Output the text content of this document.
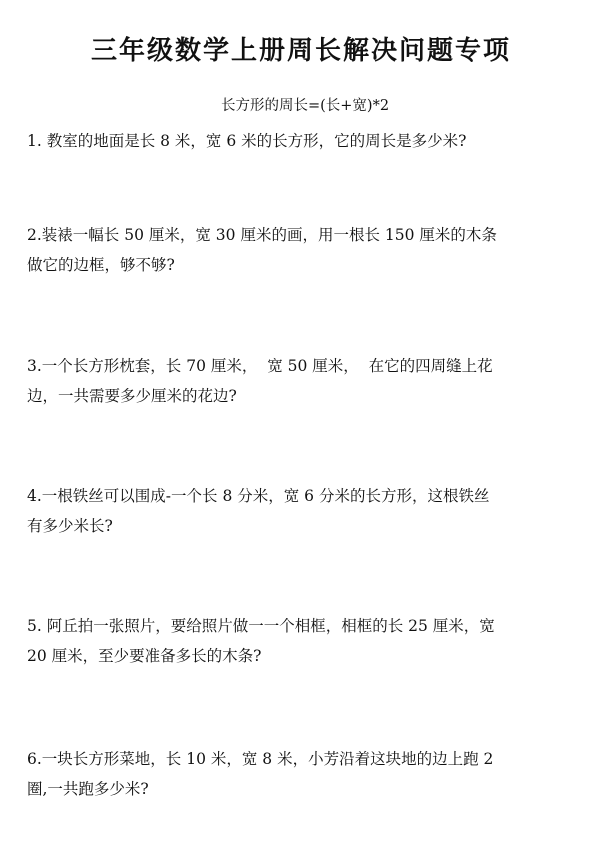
三年级数学上册周长解决问题专项
长方形的周长=(长+宽)*2
1. 教室的地面是长 8 米，宽 6 米的长方形，它的周长是多少米?
2.装裱一幅长 50 厘米，宽 30 厘米的画，用一根长 150 厘米的木条
做它的边框，够不够?
3.一个长方形枕套，长 70 厘米，  宽 50 厘米，  在它的四周缝上花
边，一共需要多少厘米的花边?
4.一根铁丝可以围成-一个长 8 分米，宽 6 分米的长方形，这根铁丝
有多少米长?
5. 阿丘拍一张照片，要给照片做一一个相框，相框的长 25 厘米，宽
20 厘米，至少要准备多长的木条?
6.一块长方形菜地，长 10 米，宽 8 米，小芳沿着这块地的边上跑 2
圈,一共跑多少米?
